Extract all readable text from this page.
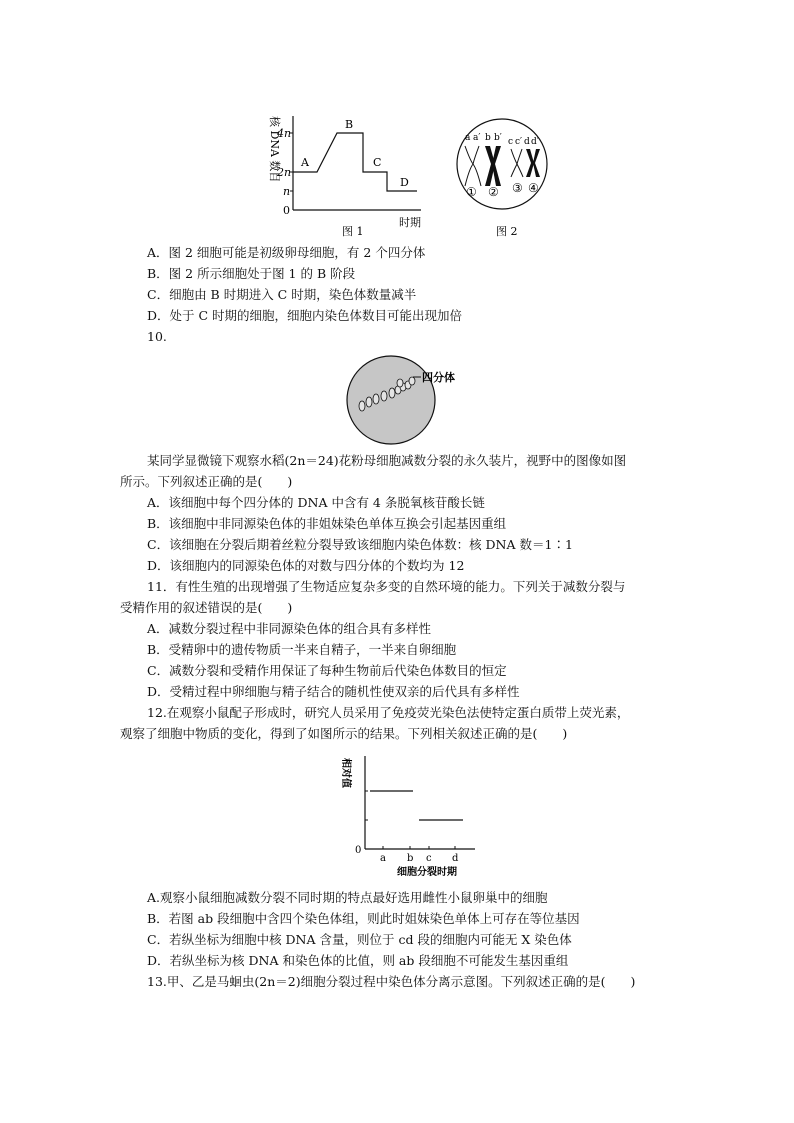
核 DNA 数目
4n
2n
n
0
A
B
C
D
时期
图 1
a a′ b b′ c c′ d d′
① ② ③ ④
图 2
A．图 2 细胞可能是初级卵母细胞，有 2 个四分体
B．图 2 所示细胞处于图 1 的 B 阶段
C．细胞由 B 时期进入 C 时期，染色体数量减半
D．处于 C 时期的细胞，细胞内染色体数目可能出现加倍
10.
四分体
某同学显微镜下观察水稻(2n＝24)花粉母细胞减数分裂的永久装片，视野中的图像如图
所示。下列叙述正确的是(　　)
A．该细胞中每个四分体的 DNA 中含有 4 条脱氧核苷酸长链
B．该细胞中非同源染色体的非姐妹染色单体互换会引起基因重组
C．该细胞在分裂后期着丝粒分裂导致该细胞内染色体数：核 DNA 数＝1∶1
D．该细胞内的同源染色体的对数与四分体的个数均为 12
11．有性生殖的出现增强了生物适应复杂多变的自然环境的能力。下列关于减数分裂与
受精作用的叙述错误的是(　　)
A．减数分裂过程中非同源染色体的组合具有多样性
B．受精卵中的遗传物质一半来自精子，一半来自卵细胞
C．减数分裂和受精作用保证了每种生物前后代染色体数目的恒定
D．受精过程中卵细胞与精子结合的随机性使双亲的后代具有多样性
12.在观察小鼠配子形成时，研究人员采用了免疫荧光染色法使特定蛋白质带上荧光素，
观察了细胞中物质的变化，得到了如图所示的结果。下列相关叙述正确的是(　　)
a b c d
0
相对值
细胞分裂时期
A.观察小鼠细胞减数分裂不同时期的特点最好选用雌性小鼠卵巢中的细胞
B．若图 ab 段细胞中含四个染色体组，则此时姐妹染色单体上可存在等位基因
C．若纵坐标为细胞中核 DNA 含量，则位于 cd 段的细胞内可能无 X 染色体
D．若纵坐标为核 DNA 和染色体的比值，则 ab 段细胞不可能发生基因重组
13.甲、乙是马蛔虫(2n＝2)细胞分裂过程中染色体分离示意图。下列叙述正确的是(　　)
